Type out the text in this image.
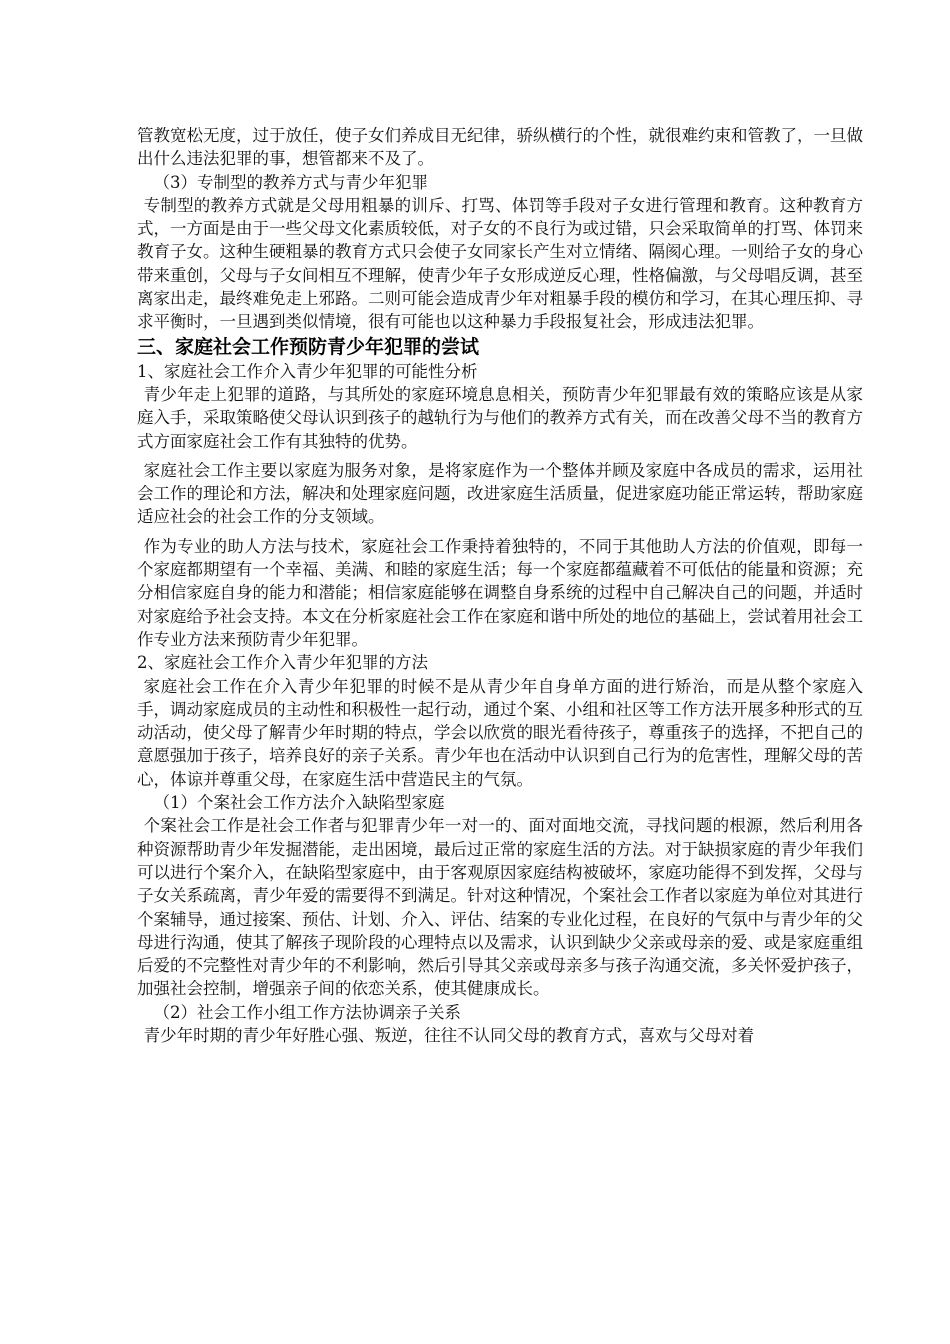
管教宽松无度，过于放任，使子女们养成目无纪律，骄纵横行的个性，就很难约束和管教了，一旦做出什么违法犯罪的事，想管都来不及了。

（3）专制型的教养方式与青少年犯罪

专制型的教养方式就是父母用粗暴的训斥、打骂、体罚等手段对子女进行管理和教育。这种教育方式，一方面是由于一些父母文化素质较低，对子女的不良行为或过错，只会采取简单的打骂、体罚来教育子女。这种生硬粗暴的教育方式只会使子女同家长产生对立情绪、隔阂心理。一则给子女的身心带来重创，父母与子女间相互不理解，使青少年子女形成逆反心理，性格偏激，与父母唱反调，甚至离家出走，最终难免走上邪路。二则可能会造成青少年对粗暴手段的模仿和学习，在其心理压抑、寻求平衡时，一旦遇到类似情境，很有可能也以这种暴力手段报复社会，形成违法犯罪。

三、家庭社会工作预防青少年犯罪的尝试

1、家庭社会工作介入青少年犯罪的可能性分析

青少年走上犯罪的道路，与其所处的家庭环境息息相关，预防青少年犯罪最有效的策略应该是从家庭入手，采取策略使父母认识到孩子的越轨行为与他们的教养方式有关，而在改善父母不当的教育方式方面家庭社会工作有其独特的优势。

家庭社会工作主要以家庭为服务对象，是将家庭作为一个整体并顾及家庭中各成员的需求，运用社会工作的理论和方法，解决和处理家庭问题，改进家庭生活质量，促进家庭功能正常运转，帮助家庭适应社会的社会工作的分支领域。

作为专业的助人方法与技术，家庭社会工作秉持着独特的，不同于其他助人方法的价值观，即每一个家庭都期望有一个幸福、美满、和睦的家庭生活；每一个家庭都蕴藏着不可低估的能量和资源；充分相信家庭自身的能力和潜能；相信家庭能够在调整自身系统的过程中自己解决自己的问题，并适时对家庭给予社会支持。本文在分析家庭社会工作在家庭和谐中所处的地位的基础上，尝试着用社会工作专业方法来预防青少年犯罪。

2、家庭社会工作介入青少年犯罪的方法

家庭社会工作在介入青少年犯罪的时候不是从青少年自身单方面的进行矫治，而是从整个家庭入手，调动家庭成员的主动性和积极性一起行动，通过个案、小组和社区等工作方法开展多种形式的互动活动，使父母了解青少年时期的特点，学会以欣赏的眼光看待孩子，尊重孩子的选择，不把自己的意愿强加于孩子，培养良好的亲子关系。青少年也在活动中认识到自己行为的危害性，理解父母的苦心，体谅并尊重父母，在家庭生活中营造民主的气氛。

（1）个案社会工作方法介入缺陷型家庭

个案社会工作是社会工作者与犯罪青少年一对一的、面对面地交流，寻找问题的根源，然后利用各种资源帮助青少年发掘潜能，走出困境，最后过正常的家庭生活的方法。对于缺损家庭的青少年我们可以进行个案介入，在缺陷型家庭中，由于客观原因家庭结构被破坏，家庭功能得不到发挥，父母与子女关系疏离，青少年爱的需要得不到满足。针对这种情况，个案社会工作者以家庭为单位对其进行个案辅导，通过接案、预估、计划、介入、评估、结案的专业化过程，在良好的气氛中与青少年的父母进行沟通，使其了解孩子现阶段的心理特点以及需求，认识到缺少父亲或母亲的爱、或是家庭重组后爱的不完整性对青少年的不利影响，然后引导其父亲或母亲多与孩子沟通交流，多关怀爱护孩子，加强社会控制，增强亲子间的依恋关系，使其健康成长。

（2）社会工作小组工作方法协调亲子关系

青少年时期的青少年好胜心强、叛逆，往往不认同父母的教育方式，喜欢与父母对着
